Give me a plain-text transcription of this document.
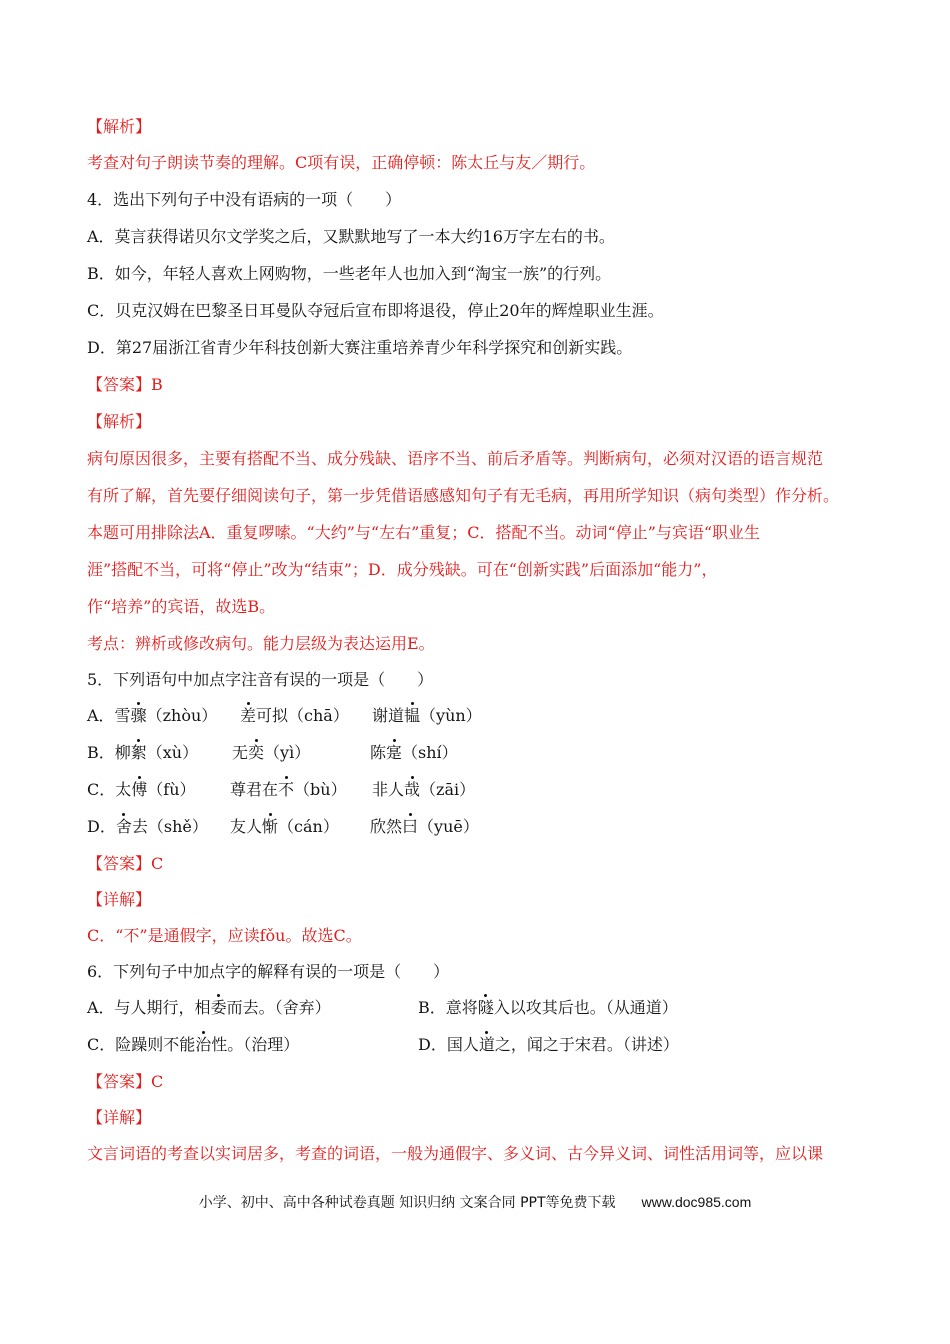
【解析】
考查对句子朗读节奏的理解。C项有误，正确停顿：陈太丘与友／期行。
4．选出下列句子中没有语病的一项（　　）
A．莫言获得诺贝尔文学奖之后，又默默地写了一本大约16万字左右的书。
B．如今，年轻人喜欢上网购物，一些老年人也加入到“淘宝一族”的行列。
C．贝克汉姆在巴黎圣日耳曼队夺冠后宣布即将退役，停止20年的辉煌职业生涯。
D．第27届浙江省青少年科技创新大赛注重培养青少年科学探究和创新实践。
【答案】B
【解析】
病句原因很多，主要有搭配不当、成分残缺、语序不当、前后矛盾等。判断病句，必须对汉语的语言规范
有所了解，首先要仔细阅读句子，第一步凭借语感感知句子有无毛病，再用所学知识（病句类型）作分析。
本题可用排除法A．重复啰嗦。“大约”与“左右”重复；C．搭配不当。动词“停止”与宾语“职业生
涯”搭配不当，可将“停止”改为“结束”；D．成分残缺。可在“创新实践”后面添加“能力”，
作“培养”的宾语，故选B。
考点：辨析或修改病句。能力层级为表达运用E。
5．下列语句中加点字注音有误的一项是（　　）
A．雪骤（zhòu） 差可拟（chā） 谢道韫（yùn）
B．柳絮（xù） 无奕（yì）	陈寔（shí）
C．太傅（fù） 尊君在不（bù） 非人哉（zāi）
D．舍去（shě） 友人惭（cán） 欣然曰（yuē）
【答案】C
【详解】
C．“不”是通假字，应读fǒu。故选C。
6．下列句子中加点字的解释有误的一项是（　　）
A．与人期行，相委而去。（舍弃）	B．意将隧入以攻其后也。（从通道）
C．险躁则不能治性。（治理）	D．国人道之，闻之于宋君。（讲述）
【答案】C
【详解】
文言词语的考查以实词居多，考查的词语，一般为通假字、多义词、古今异义词、词性活用词等，应以课
小学、初中、高中各种试卷真题 知识归纳 文案合同 PPT等免费下载 www.doc985.com
